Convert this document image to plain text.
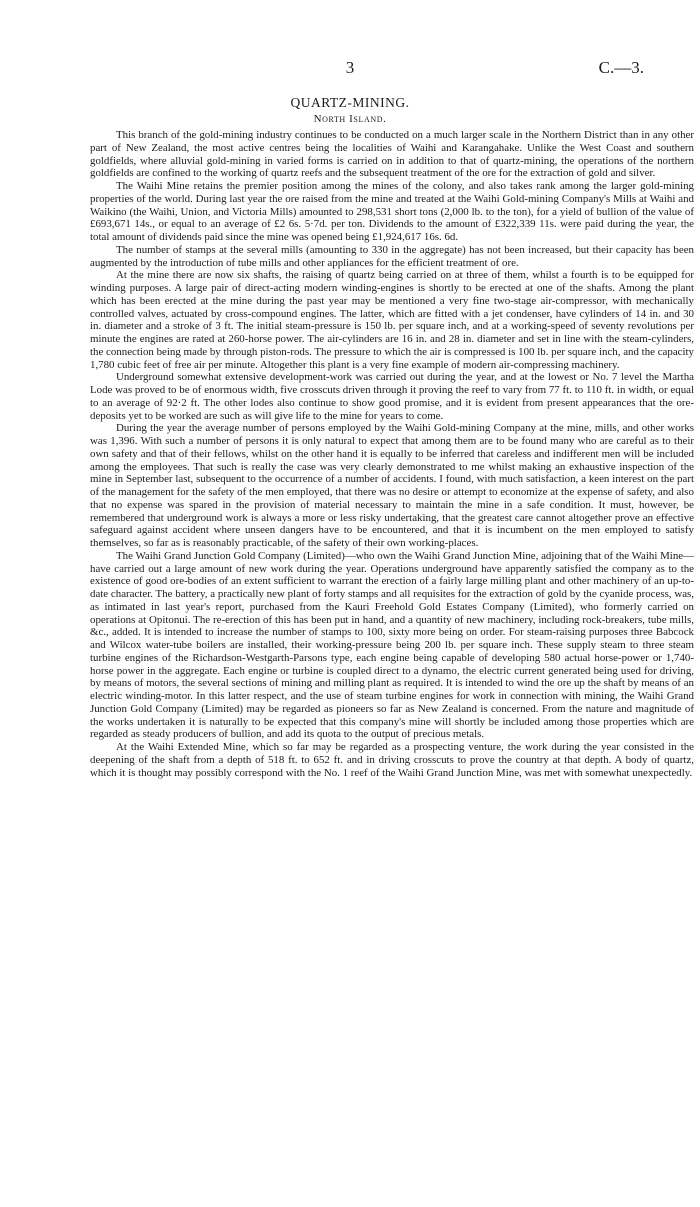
3	C.—3.
QUARTZ-MINING.
North Island.

This branch of the gold-mining industry continues to be conducted on a much larger scale in the Northern District than in any other part of New Zealand, the most active centres being the localities of Waihi and Karangahake. Unlike the West Coast and southern goldfields, where alluvial gold-mining in varied forms is carried on in addition to that of quartz-mining, the operations of the northern goldfields are confined to the working of quartz reefs and the subsequent treatment of the ore for the extraction of gold and silver.

The Waihi Mine retains the premier position among the mines of the colony, and also takes rank among the larger gold-mining properties of the world. During last year the ore raised from the mine and treated at the Waihi Gold-mining Company's Mills at Waihi and Waikino (the Waihi, Union, and Victoria Mills) amounted to 298,531 short tons (2,000 lb. to the ton), for a yield of bullion of the value of £693,671 14s., or equal to an average of £2 6s. 5·7d. per ton. Dividends to the amount of £322,339 11s. were paid during the year, the total amount of dividends paid since the mine was opened being £1,924,617 16s. 6d.

The number of stamps at the several mills (amounting to 330 in the aggregate) has not been increased, but their capacity has been augmented by the introduction of tube mills and other appliances for the efficient treatment of ore.

At the mine there are now six shafts, the raising of quartz being carried on at three of them, whilst a fourth is to be equipped for winding purposes. A large pair of direct-acting modern winding-engines is shortly to be erected at one of the shafts. Among the plant which has been erected at the mine during the past year may be mentioned a very fine two-stage air-compressor, with mechanically controlled valves, actuated by cross-compound engines. The latter, which are fitted with a jet condenser, have cylinders of 14 in. and 30 in. diameter and a stroke of 3 ft. The initial steam-pressure is 150 lb. per square inch, and at a working-speed of seventy revolutions per minute the engines are rated at 260-horse power. The air-cylinders are 16 in. and 28 in. diameter and set in line with the steam-cylinders, the connection being made by through piston-rods. The pressure to which the air is compressed is 100 lb. per square inch, and the capacity 1,780 cubic feet of free air per minute. Altogether this plant is a very fine example of modern air-compressing machinery.

Underground somewhat extensive development-work was carried out during the year, and at the lowest or No. 7 level the Martha Lode was proved to be of enormous width, five crosscuts driven through it proving the reef to vary from 77 ft. to 110 ft. in width, or equal to an average of 92·2 ft. The other lodes also continue to show good promise, and it is evident from present appearances that the ore-deposits yet to be worked are such as will give life to the mine for years to come.

During the year the average number of persons employed by the Waihi Gold-mining Company at the mine, mills, and other works was 1,396. With such a number of persons it is only natural to expect that among them are to be found many who are careful as to their own safety and that of their fellows, whilst on the other hand it is equally to be inferred that careless and indifferent men will be included among the employees. That such is really the case was very clearly demonstrated to me whilst making an exhaustive inspection of the mine in September last, subsequent to the occurrence of a number of accidents. I found, with much satisfaction, a keen interest on the part of the management for the safety of the men employed, that there was no desire or attempt to economize at the expense of safety, and also that no expense was spared in the provision of material necessary to maintain the mine in a safe condition. It must, however, be remembered that underground work is always a more or less risky undertaking, that the greatest care cannot altogether prove an effective safeguard against accident where unseen dangers have to be encountered, and that it is incumbent on the men employed to satisfy themselves, so far as is reasonably practicable, of the safety of their own working-places.

The Waihi Grand Junction Gold Company (Limited)—who own the Waihi Grand Junction Mine, adjoining that of the Waihi Mine—have carried out a large amount of new work during the year. Operations underground have apparently satisfied the company as to the existence of good ore-bodies of an extent sufficient to warrant the erection of a fairly large milling plant and other machinery of an up-to-date character. The battery, a practically new plant of forty stamps and all requisites for the extraction of gold by the cyanide process, was, as intimated in last year's report, purchased from the Kauri Freehold Gold Estates Company (Limited), who formerly carried on operations at Opitonui. The re-erection of this has been put in hand, and a quantity of new machinery, including rock-breakers, tube mills, &c., added. It is intended to increase the number of stamps to 100, sixty more being on order. For steam-raising purposes three Babcock and Wilcox water-tube boilers are installed, their working-pressure being 200 lb. per square inch. These supply steam to three steam turbine engines of the Richardson-Westgarth-Parsons type, each engine being capable of developing 580 actual horse-power or 1,740-horse power in the aggregate. Each engine or turbine is coupled direct to a dynamo, the electric current generated being used for driving, by means of motors, the several sections of mining and milling plant as required. It is intended to wind the ore up the shaft by means of an electric winding-motor. In this latter respect, and the use of steam turbine engines for work in connection with mining, the Waihi Grand Junction Gold Company (Limited) may be regarded as pioneers so far as New Zealand is concerned. From the nature and magnitude of the works undertaken it is naturally to be expected that this company's mine will shortly be included among those properties which are regarded as steady producers of bullion, and add its quota to the output of precious metals.

At the Waihi Extended Mine, which so far may be regarded as a prospecting venture, the work during the year consisted in the deepening of the shaft from a depth of 518 ft. to 652 ft. and in driving crosscuts to prove the country at that depth. A body of quartz, which it is thought may possibly correspond with the No. 1 reef of the Waihi Grand Junction Mine, was met with somewhat unexpectedly.
